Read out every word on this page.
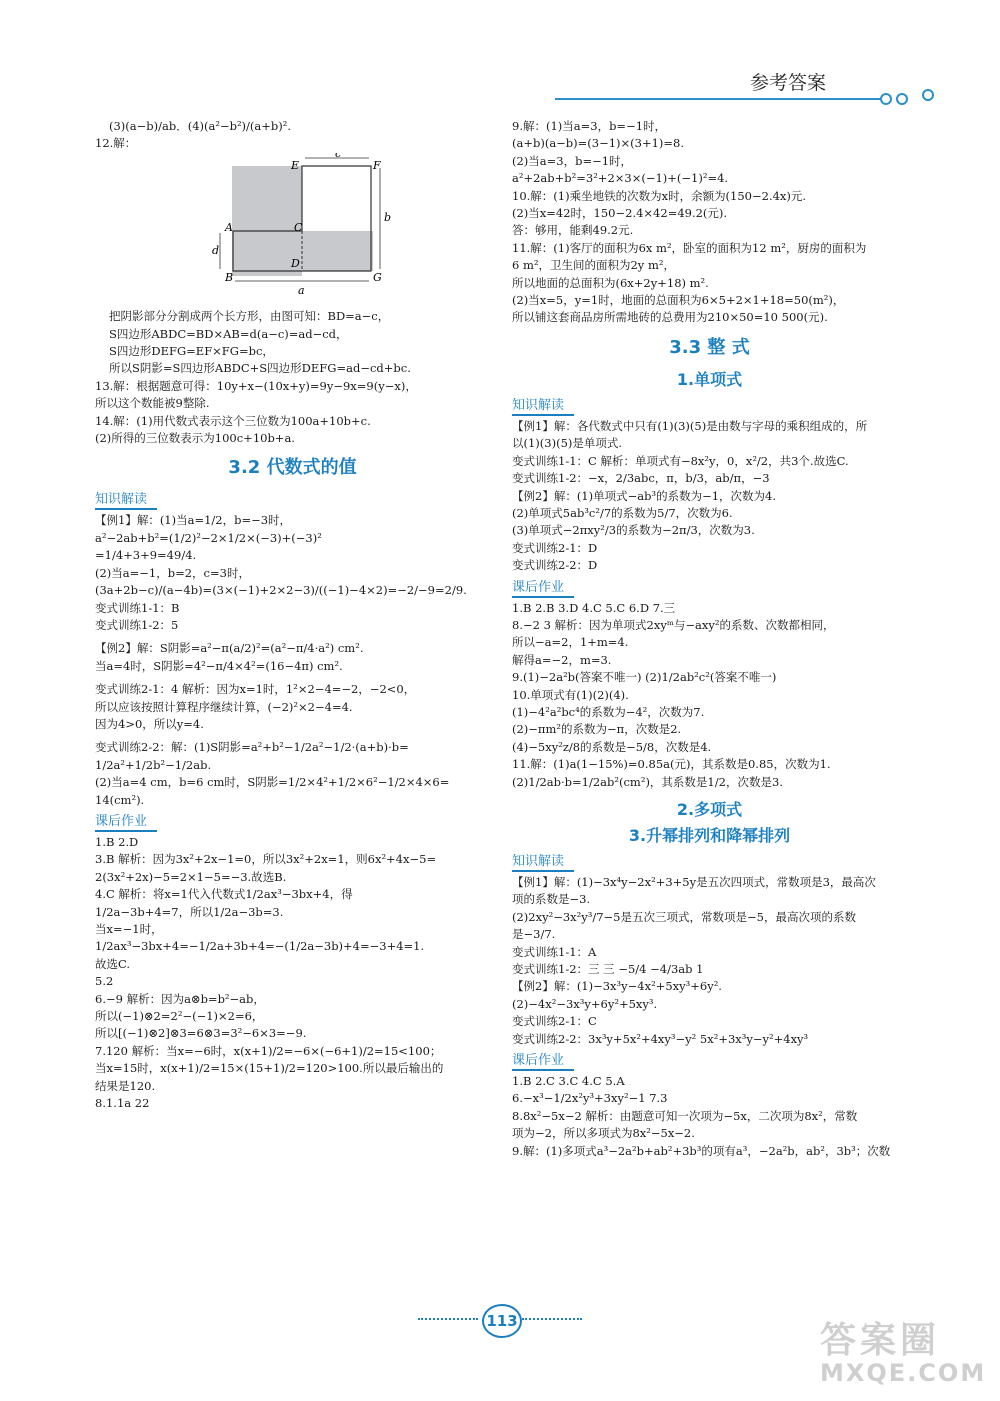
参考答案
(3)(a−b)/ab．(4)(a²−b²)/(a+b)².
12.解：
A
E	F
C
D
B	G
d
a
b
c
把阴影部分分割成两个长方形，由图可知：BD=a−c，
S四边形ABDC=BD×AB=d(a−c)=ad−cd，
S四边形DEFG=EF×FG=bc，
所以S阴影=S四边形ABDC+S四边形DEFG=ad−cd+bc.
13.解：根据题意可得：10y+x−(10x+y)=9y−9x=9(y−x)，
所以这个数能被9整除.
14.解：(1)用代数式表示这个三位数为100a+10b+c.
(2)所得的三位数表示为100c+10b+a.
3.2 代数式的值
知识解读
【例1】解：(1)当a=1/2，b=−3时，
a²−2ab+b²=(1/2)²−2×1/2×(−3)+(−3)²
=1/4+3+9=49/4.
(2)当a=−1，b=2，c=3时，
(3a+2b−c)/(a−4b)=(3×(−1)+2×2−3)/((−1)−4×2)=−2/−9=2/9.
变式训练1-1：B
变式训练1-2：5
【例2】解：S阴影=a²−π(a/2)²=(a²−π/4·a²) cm².
当a=4时，S阴影=4²−π/4×4²=(16−4π) cm².
变式训练2-1：4 解析：因为x=1时，1²×2−4=−2，−2<0，
所以应该按照计算程序继续计算，(−2)²×2−4=4.
因为4>0，所以y=4.
变式训练2-2：解：(1)S阴影=a²+b²−1/2a²−1/2·(a+b)·b=
1/2a²+1/2b²−1/2ab.
(2)当a=4 cm，b=6 cm时，S阴影=1/2×4²+1/2×6²−1/2×4×6=
14(cm²).
课后作业
1.B 2.D
3.B 解析：因为3x²+2x−1=0，所以3x²+2x=1，则6x²+4x−5=
2(3x²+2x)−5=2×1−5=−3.故选B.
4.C 解析：将x=1代入代数式1/2ax³−3bx+4，得
1/2a−3b+4=7，所以1/2a−3b=3.
当x=−1时，
1/2ax³−3bx+4=−1/2a+3b+4=−(1/2a−3b)+4=−3+4=1.
故选C.
5.2
6.−9 解析：因为a⊗b=b²−ab，
所以(−1)⊗2=2²−(−1)×2=6，
所以[(−1)⊗2]⊗3=6⊗3=3²−6×3=−9.
7.120 解析：当x=−6时，x(x+1)/2=−6×(−6+1)/2=15<100；
当x=15时，x(x+1)/2=15×(15+1)/2=120>100.所以最后输出的
结果是120.
8.1.1a 22
9.解：(1)当a=3，b=−1时，
(a+b)(a−b)=(3−1)×(3+1)=8.
(2)当a=3，b=−1时，
a²+2ab+b²=3²+2×3×(−1)+(−1)²=4.
10.解：(1)乘坐地铁的次数为x时，余额为(150−2.4x)元.
(2)当x=42时，150−2.4×42=49.2(元).
答：够用，能剩49.2元.
11.解：(1)客厅的面积为6x m²，卧室的面积为12 m²，厨房的面积为
6 m²，卫生间的面积为2y m²，
所以地面的总面积为(6x+2y+18) m².
(2)当x=5，y=1时，地面的总面积为6×5+2×1+18=50(m²)，
所以铺这套商品房所需地砖的总费用为210×50=10 500(元).
3.3 整 式
1.单项式
知识解读
【例1】解：各代数式中只有(1)(3)(5)是由数与字母的乘积组成的，所
以(1)(3)(5)是单项式.
变式训练1-1：C 解析：单项式有−8x²y，0，x²/2，共3个.故选C.
变式训练1-2：−x，2/3abc，π，b/3，ab/π，−3
【例2】解：(1)单项式−ab³的系数为−1，次数为4.
(2)单项式5ab³c²/7的系数为5/7，次数为6.
(3)单项式−2πxy²/3的系数为−2π/3，次数为3.
变式训练2-1：D
变式训练2-2：D
课后作业
1.B 2.B 3.D 4.C 5.C 6.D 7.三
8.−2 3 解析：因为单项式2xyᵐ与−axy²的系数、次数都相同，
所以−a=2，1+m=4.
解得a=−2，m=3.
9.(1)−2a²b(答案不唯一) (2)1/2ab²c²(答案不唯一)
10.单项式有(1)(2)(4).
(1)−4²a²bc⁴的系数为−4²，次数为7.
(2)−πm²的系数为−π，次数是2.
(4)−5xy²z/8的系数是−5/8，次数是4.
11.解：(1)a(1−15%)=0.85a(元)，其系数是0.85，次数为1.
(2)1/2ab·b=1/2ab²(cm²)，其系数是1/2，次数是3.
2.多项式
3.升幂排列和降幂排列
知识解读
【例1】解：(1)−3x⁴y−2x²+3+5y是五次四项式，常数项是3，最高次
项的系数是−3.
(2)2xy²−3x²y³/7−5是五次三项式，常数项是−5，最高次项的系数
是−3/7.
变式训练1-1：A
变式训练1-2：三 三 −5/4 −4/3ab 1
【例2】解：(1)−3x³y−4x²+5xy³+6y².
(2)−4x²−3x³y+6y²+5xy³.
变式训练2-1：C
变式训练2-2：3x³y+5x²+4xy³−y² 5x²+3x³y−y²+4xy³
课后作业
1.B 2.C 3.C 4.C 5.A
6.−x³−1/2x²y³+3xy²−1 7.3
8.8x²−5x−2 解析：由题意可知一次项为−5x，二次项为8x²，常数
项为−2，所以多项式为8x²−5x−2.
9.解：(1)多项式a³−2a²b+ab²+3b³的项有a³，−2a²b，ab²，3b³；次数
113	答案圈
MXQE.COM
